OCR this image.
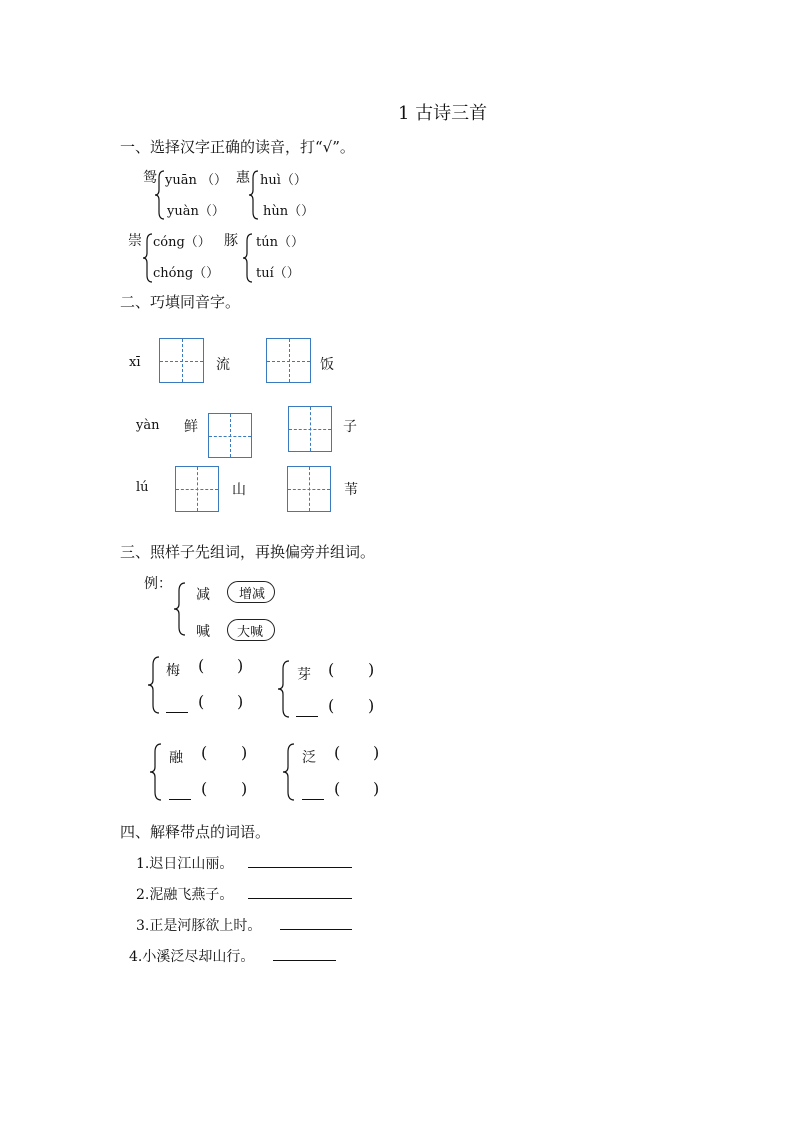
1 古诗三首
一、选择汉字正确的读音，打“√”。
鸳 yuān （）
yuàn（）
惠 huì（）
hùn（）
崇 cóng（）
chóng（）
豚 tún（）
tuí（）
二、巧填同音字。
xī	流	饭
yàn 鲜	子
lú	山	苇
三、照样子先组词，再换偏旁并组词。
例：
减 增减
喊 大喊
梅 ( )
( )
芽 ( )
( )
融 ( )
( )
泛 ( )
( )
四、解释带点的词语。
1.迟日江山丽。
2.泥融飞燕子。
3.正是河豚欲上时。
4.小溪泛尽却山行。
